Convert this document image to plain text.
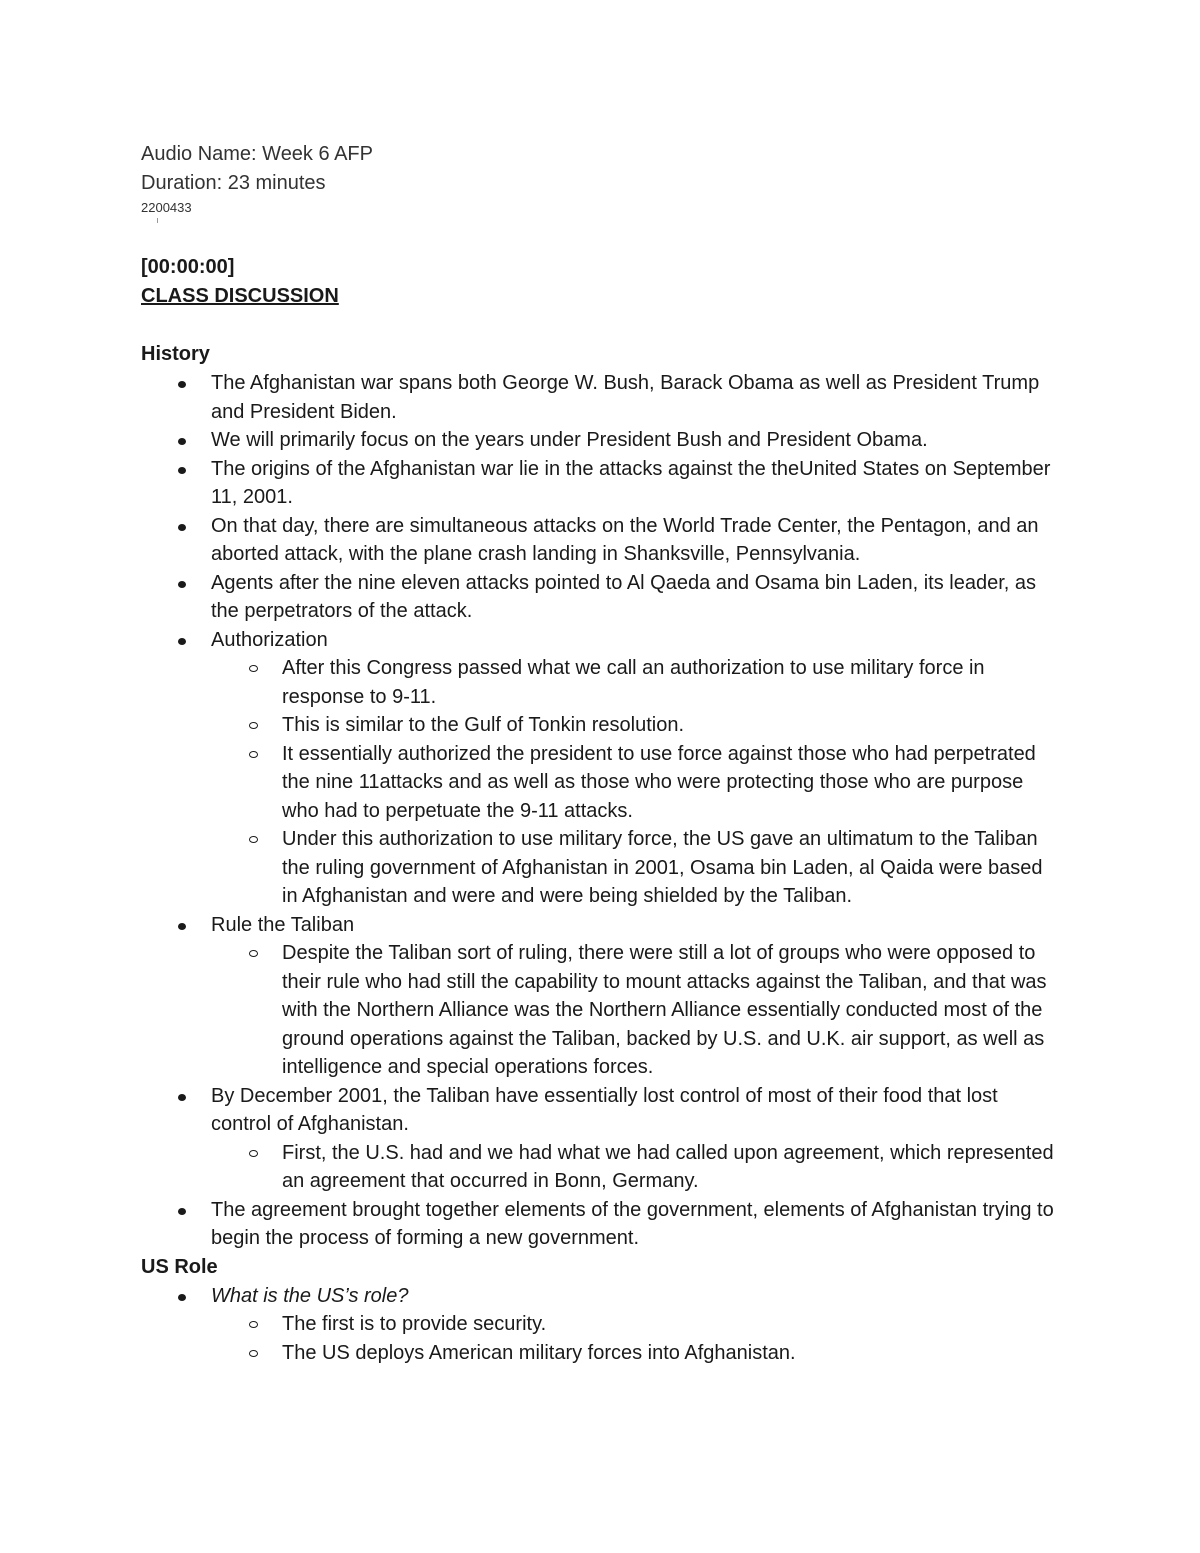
Audio Name: Week 6 AFP
Duration: 23 minutes
2200433
[00:00:00]
CLASS DISCUSSION
History
The Afghanistan war spans both George W. Bush, Barack Obama as well as President Trump and President Biden.
We will primarily focus on the years under President Bush and President Obama.
The origins of the Afghanistan war lie in the attacks against the theUnited States on September 11, 2001.
On that day, there are simultaneous attacks on the World Trade Center, the Pentagon, and an aborted attack, with the plane crash landing in Shanksville, Pennsylvania.
Agents after the nine eleven attacks pointed to Al Qaeda and Osama bin Laden, its leader, as the perpetrators of the attack.
Authorization
After this Congress passed what we call an authorization to use military force in response to 9-11.
This is similar to the Gulf of Tonkin resolution.
It essentially authorized the president to use force against those who had perpetrated the nine 11attacks and as well as those who were protecting those who are purpose who had to perpetuate the 9-11 attacks.
Under this authorization to use military force, the US gave an ultimatum to the Taliban the ruling government of Afghanistan in 2001, Osama bin Laden, al Qaida were based in Afghanistan and were and were being shielded by the Taliban.
Rule the Taliban
Despite the Taliban sort of ruling, there were still a lot of groups who were opposed to their rule who had still the capability to mount attacks against the Taliban, and that was with the Northern Alliance was the Northern Alliance essentially conducted most of the ground operations against the Taliban, backed by U.S. and U.K. air support, as well as intelligence and special operations forces.
By December 2001, the Taliban have essentially lost control of most of their food that lost control of Afghanistan.
First, the U.S. had and we had what we had called upon agreement, which represented an agreement that occurred in Bonn, Germany.
The agreement brought together elements of the government, elements of Afghanistan trying to begin the process of forming a new government.
US Role
What is the US’s role?
The first is to provide security.
The US deploys American military forces into Afghanistan.
